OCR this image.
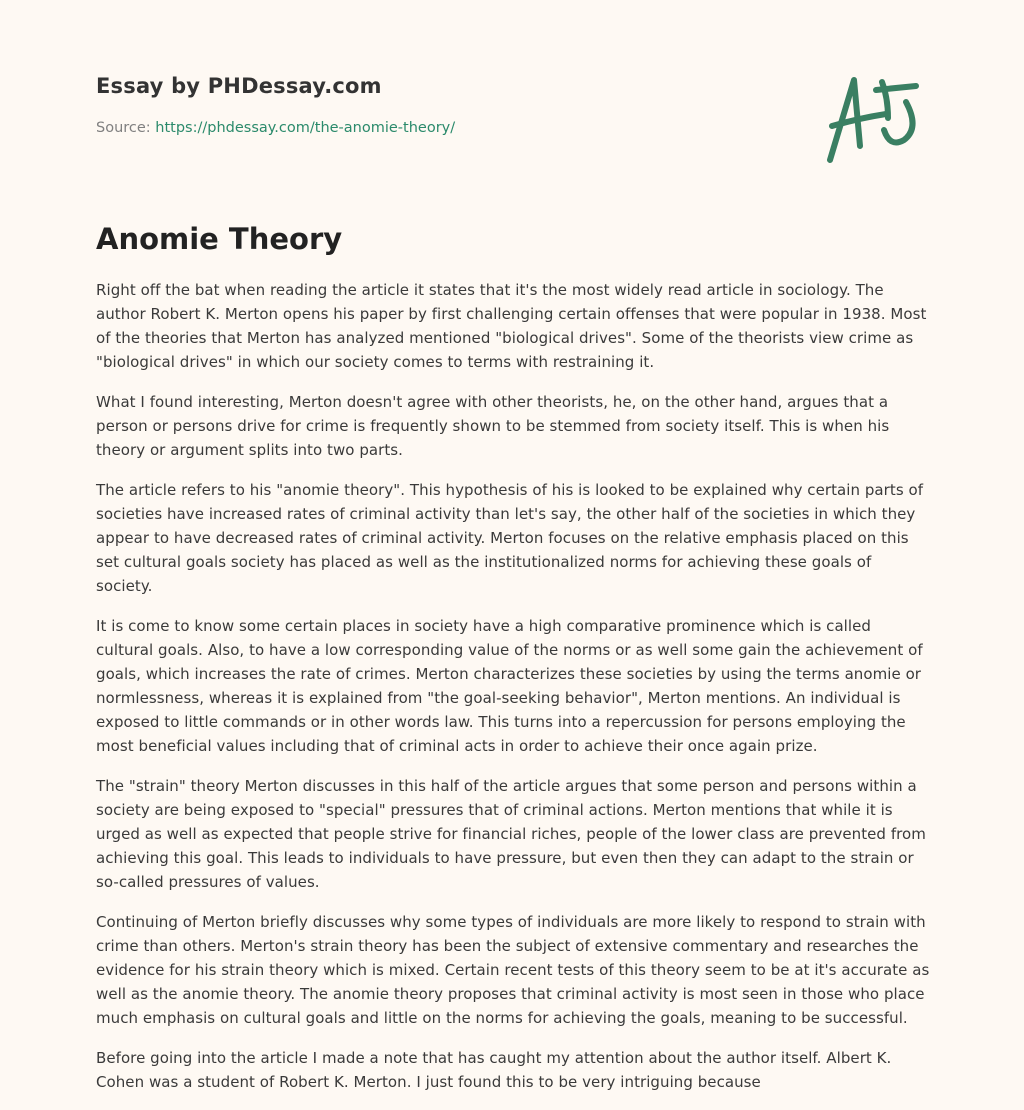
Essay by PHDessay.com
Source: https://phdessay.com/the-anomie-theory/
Anomie Theory

Right off the bat when reading the article it states that it's the most widely read article in sociology. The author Robert K. Merton opens his paper by first challenging certain offenses that were popular in 1938. Most of the theories that Merton has analyzed mentioned "biological drives". Some of the theorists view crime as "biological drives" in which our society comes to terms with restraining it.

What I found interesting, Merton doesn't agree with other theorists, he, on the other hand, argues that a person or persons drive for crime is frequently shown to be stemmed from society itself. This is when his theory or argument splits into two parts.

The article refers to his "anomie theory". This hypothesis of his is looked to be explained why certain parts of societies have increased rates of criminal activity than let's say, the other half of the societies in which they appear to have decreased rates of criminal activity. Merton focuses on the relative emphasis placed on this set cultural goals society has placed as well as the institutionalized norms for achieving these goals of society.

It is come to know some certain places in society have a high comparative prominence which is called cultural goals. Also, to have a low corresponding value of the norms or as well some gain the achievement of goals, which increases the rate of crimes. Merton characterizes these societies by using the terms anomie or normlessness, whereas it is explained from "the goal-seeking behavior", Merton mentions. An individual is exposed to little commands or in other words law. This turns into a repercussion for persons employing the most beneficial values including that of criminal acts in order to achieve their once again prize.

The "strain" theory Merton discusses in this half of the article argues that some person and persons within a society are being exposed to "special" pressures that of criminal actions. Merton mentions that while it is urged as well as expected that people strive for financial riches, people of the lower class are prevented from achieving this goal. This leads to individuals to have pressure, but even then they can adapt to the strain or so-called pressures of values.

Continuing of Merton briefly discusses why some types of individuals are more likely to respond to strain with crime than others. Merton's strain theory has been the subject of extensive commentary and researches the evidence for his strain theory which is mixed. Certain recent tests of this theory seem to be at it's accurate as well as the anomie theory. The anomie theory proposes that criminal activity is most seen in those who place much emphasis on cultural goals and little on the norms for achieving the goals, meaning to be successful.

Before going into the article I made a note that has caught my attention about the author itself. Albert K. Cohen was a student of Robert K. Merton. I just found this to be very intriguing because
